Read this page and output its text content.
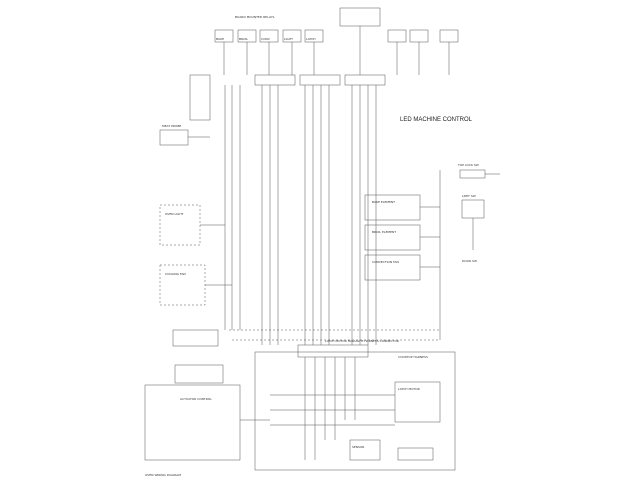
LED MACHINE CONTROL
BOARD MOUNTED RELAYS
LATCH MOTOR FAN/LIGHT HARNESS CONNECTOR
COOKTOP HARNESS
ACTUATOR CONTROL
OVEN WIRING DIAGRAM
BAKE	BROIL	CONV	LIGHT	LATCH
TOP LOCK SW
LIMIT SW
DOOR SW
MEAT PROBE
BAKE ELEMENT
BROIL ELEMENT
CONVECTION FAN
OVEN LIGHT
COOLING FAN
LATCH MOTOR
SENSOR
